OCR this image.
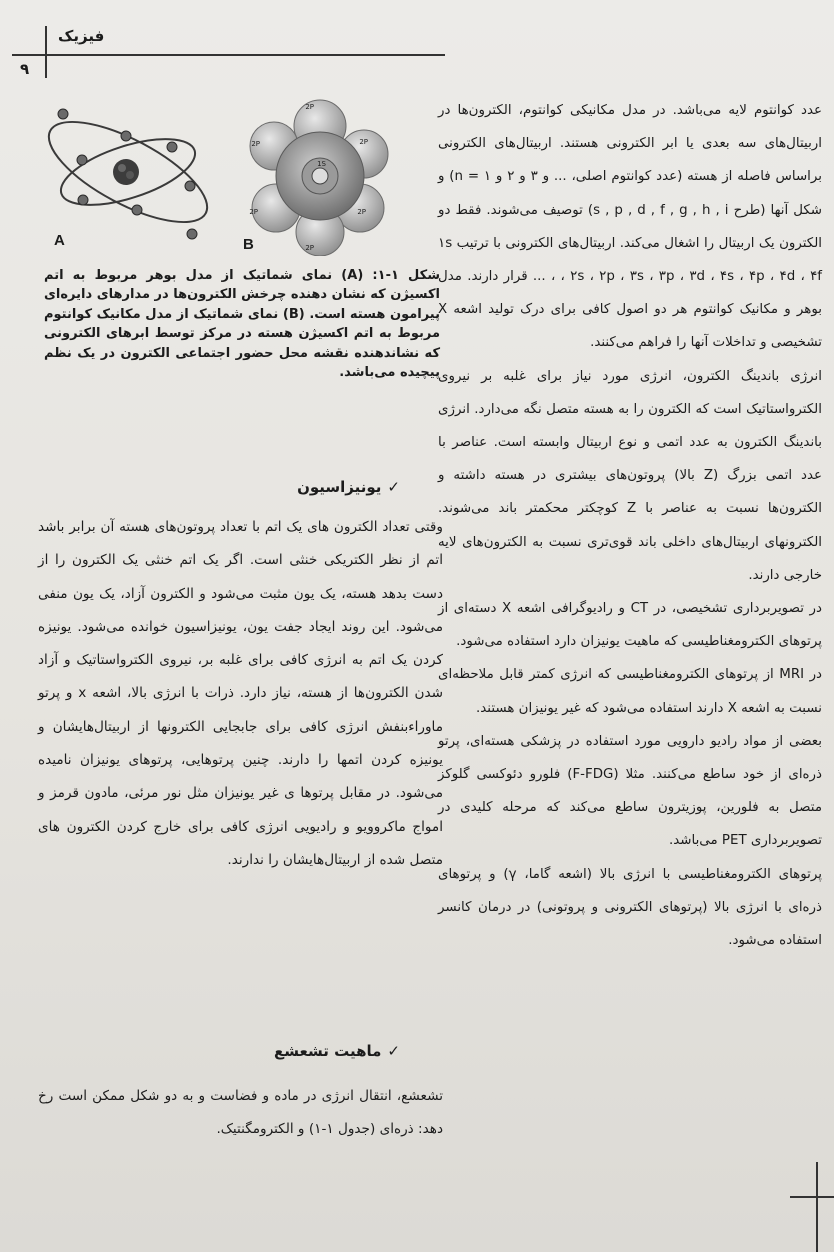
فیزیک
۹
A
2P
2P
2P
2P
2P
2P
1S
B
شکل ۱-۱: (A) نمای شماتیک از مدل بوهر مربوط به اتم اکسیژن که نشان دهنده چرخش الکترون‌ها در مدارهای دایره‌ای پیرامون هسته است. (B) نمای شماتیک از مدل مکانیک کوانتوم مربوط به اتم اکسیژن هسته در مرکز توسط ابرهای الکترونی که نشاندهنده نقشه محل حضور اجتماعی الکترون در یک نظم پیچیده می‌باشد.

عدد کوانتوم لایه می‌باشد. در مدل مکانیکی کوانتوم، الکترون‌ها در اربیتال‌های سه بعدی یا ابر الکترونی هستند. اربیتال‌های الکترونی براساس فاصله از هسته (عدد کوانتوم اصلی، ... و ۳ و ۲ و ۱ = n) و شکل آنها (طرح s , p , d , f , g , h , i) توصیف می‌شوند. فقط دو الکترون یک اربیتال را اشغال می‌کند. اربیتال‌های الکترونی با ترتیب ۱s ، ۲s ، ۲p ، ۳s ، ۳p ، ۳d ، ۴s ، ۴p ، ۴d ، ۴f ، ... قرار دارند. مدل بوهر و مکانیک کوانتوم هر دو اصول کافی برای درک تولید اشعه X تشخیصی و تداخلات آنها را فراهم می‌کنند.

انرژی باندینگ الکترون، انرژی مورد نیاز برای غلبه بر نیروی الکترواستاتیک است که الکترون را به هسته متصل نگه می‌دارد. انرژی باندینگ الکترون به عدد اتمی و نوع اربیتال وابسته است. عناصر با عدد اتمی بزرگ (Z بالا) پروتون‌های بیشتری در هسته داشته و الکترون‌ها نسبت به عناصر با Z کوچکتر محکمتر باند می‌شوند. الکترونهای اربیتال‌های داخلی باند قوی‌تری نسبت به الکترون‌های لایه خارجی دارند.

در تصویربرداری تشخیصی، در CT و رادیوگرافی اشعه X دسته‌ای از پرتوهای الکترومغناطیسی که ماهیت یونیزان دارد استفاده می‌شود.

در MRI از پرتوهای الکترومغناطیسی که انرژی کمتر قابل ملاحظه‌ای نسبت به اشعه X دارند استفاده می‌شود که غیر یونیزان هستند.

بعضی از مواد رادیو دارویی مورد استفاده در پزشکی هسته‌ای، پرتو ذره‌ای از خود ساطع می‌کنند. مثلا (F-FDG) فلورو دئوکسی گلوکز متصل به فلورین، پوزیترون ساطع می‌کند که مرحله کلیدی در تصویربرداری PET می‌باشد.

پرتوهای الکترومغناطیسی با انرژی بالا (اشعه گاما، γ) و پرتوهای ذره‌ای با انرژی بالا (پرتوهای الکترونی و پروتونی) در درمان کانسر استفاده می‌شود.

✓یونیزاسیون

وقتی تعداد الکترون های یک اتم با تعداد پروتون‌های هسته آن برابر باشد اتم از نظر الکتریکی خنثی است. اگر یک اتم خنثی یک الکترون را از دست بدهد هسته، یک یون مثبت می‌شود و الکترون آزاد، یک یون منفی می‌شود. این روند ایجاد جفت یون، یونیزاسیون خوانده می‌شود. یونیزه کردن یک اتم به انرژی کافی برای غلبه بر، نیروی الکترواستاتیک و آزاد شدن الکترون‌ها از هسته، نیاز دارد. ذرات با انرژی بالا، اشعه x و پرتو ماوراءبنفش انرژی کافی برای جابجایی الکترونها از اربیتال‌هایشان و یونیزه کردن اتمها را دارند. چنین پرتوهایی، پرتوهای یونیزان نامیده می‌شود. در مقابل پرتوها ی غیر یونیزان مثل نور مرئی، مادون قرمز و امواج ماکروویو و رادیویی انرژی کافی برای خارج کردن الکترون های متصل شده از اربیتال‌هایشان را ندارند.

✓ماهیت تشعشع

تشعشع، انتقال انرژی در ماده و فضاست و به دو شکل ممکن است رخ دهد: ذره‌ای (جدول ۱-۱) و الکترومگنتیک.
